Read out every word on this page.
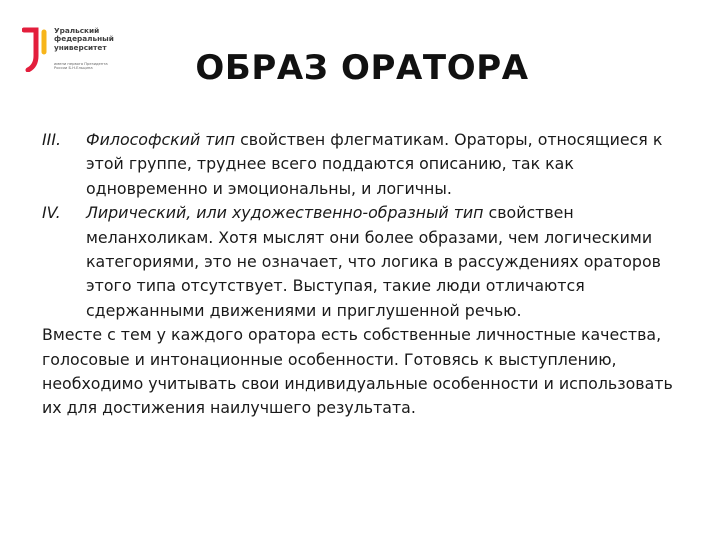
Уральский
федеральный
университет
имени первого Президента
России Б.Н.Ельцина	ОБРАЗ ОРАТОРА

III. Философский тип свойствен флегматикам. Ораторы, относящиеся к этой группе, труднее всего поддаются описанию, так как одновременно и эмоциональны, и логичны.

IV. Лирический, или художественно-образный тип свойствен меланхоликам. Хотя мыслят они более образами, чем логическими категориями, это не означает, что логика в рассуждениях ораторов этого типа отсутствует. Выступая, такие люди отличаются сдержанными движениями и приглушенной речью.

Вместе с тем у каждого оратора есть собственные личностные качества, голосовые и интонационные особенности. Готовясь к выступлению, необходимо учитывать свои индивидуальные особенности и использовать их для достижения наилучшего результата.
